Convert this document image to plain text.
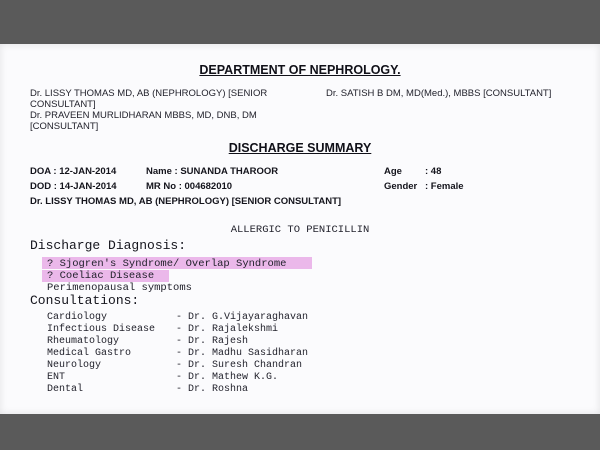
DEPARTMENT OF NEPHROLOGY.
Dr. LISSY THOMAS MD, AB (NEPHROLOGY) [SENIOR	Dr. SATISH B DM, MD(Med.), MBBS [CONSULTANT]
CONSULTANT]
Dr. PRAVEEN MURLIDHARAN MBBS, MD, DNB, DM
[CONSULTANT]
DISCHARGE SUMMARY
DOA : 12-JAN-2014	Name : SUNANDA THAROOR	Age : 48
DOD : 14-JAN-2014	MR No : 004682010	Gender : Female
Dr. LISSY THOMAS MD, AB (NEPHROLOGY) [SENIOR CONSULTANT]
ALLERGIC TO PENICILLIN
Discharge Diagnosis:
? Sjogren's Syndrome/ Overlap Syndrome
? Coeliac Disease
Perimenopausal symptoms
Consultations:
Cardiology	- Dr. G.Vijayaraghavan
Infectious Disease - Dr. Rajalekshmi
Rheumatology	- Dr. Rajesh
Medical Gastro	- Dr. Madhu Sasidharan
Neurology	- Dr. Suresh Chandran
ENT	- Dr. Mathew K.G.
Dental	- Dr. Roshna
